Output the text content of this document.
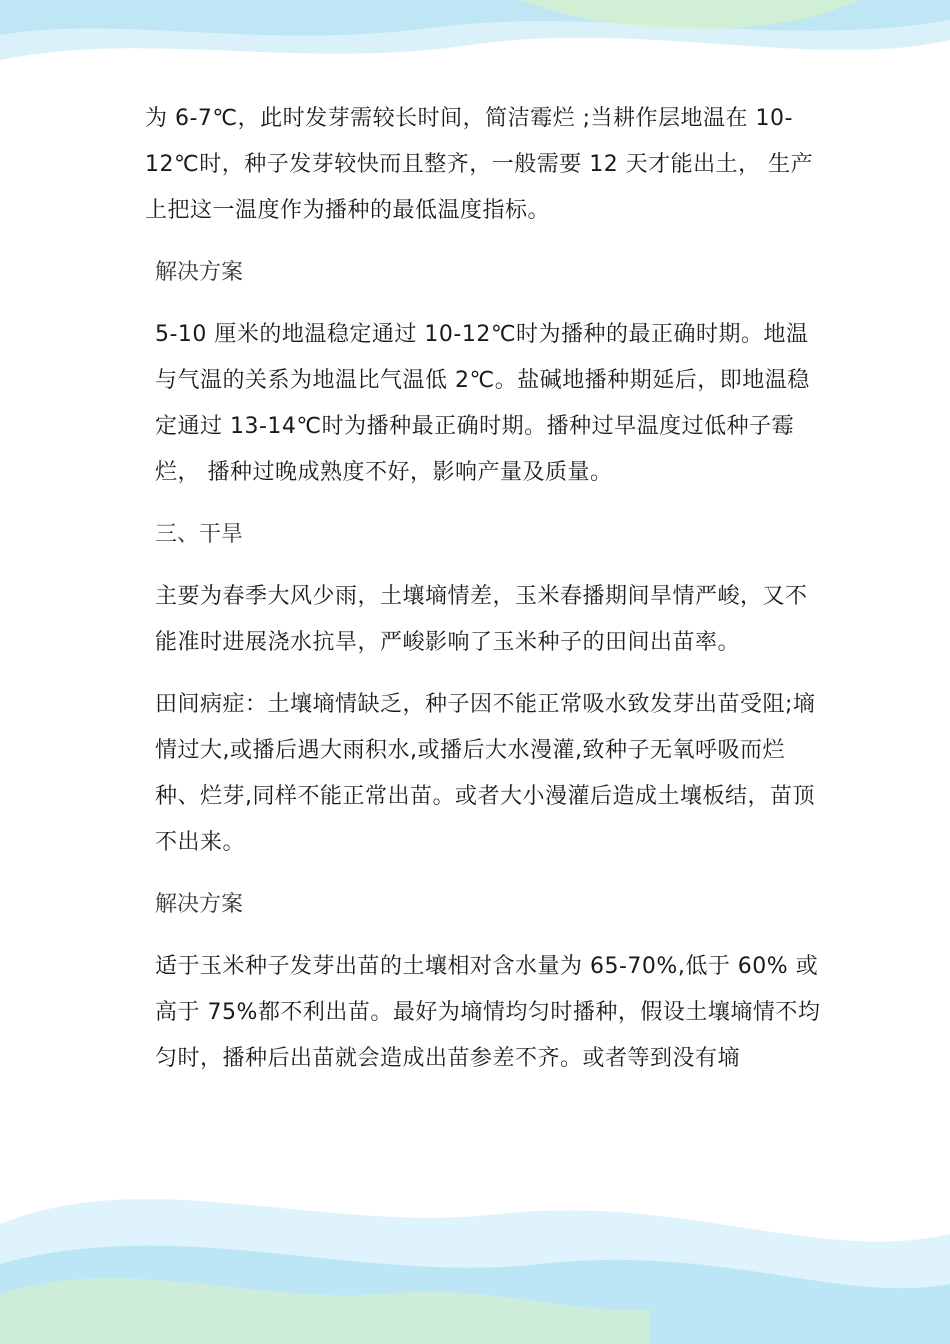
为 6-7℃，此时发芽需较长时间，简洁霉烂 ;当耕作层地温在 10-12℃时，种子发芽较快而且整齐，一般需要 12 天才能出土， 生产上把这一温度作为播种的最低温度指标。

解决方案

5-10 厘米的地温稳定通过 10-12℃时为播种的最正确时期。地温与气温的关系为地温比气温低 2℃。盐碱地播种期延后，即地温稳定通过 13-14℃时为播种最正确时期。播种过早温度过低种子霉烂， 播种过晚成熟度不好，影响产量及质量。

三、干旱

主要为春季大风少雨，土壤墒情差，玉米春播期间旱情严峻，又不能准时进展浇水抗旱，严峻影响了玉米种子的田间出苗率。

田间病症：土壤墒情缺乏，种子因不能正常吸水致发芽出苗受阻;墒情过大,或播后遇大雨积水,或播后大水漫灌,致种子无氧呼吸而烂种、烂芽,同样不能正常出苗。或者大小漫灌后造成土壤板结，苗顶不出来。

解决方案

适于玉米种子发芽出苗的土壤相对含水量为 65-70%,低于 60% 或高于 75%都不利出苗。最好为墒情均匀时播种，假设土壤墒情不均匀时，播种后出苗就会造成出苗参差不齐。或者等到没有墒
